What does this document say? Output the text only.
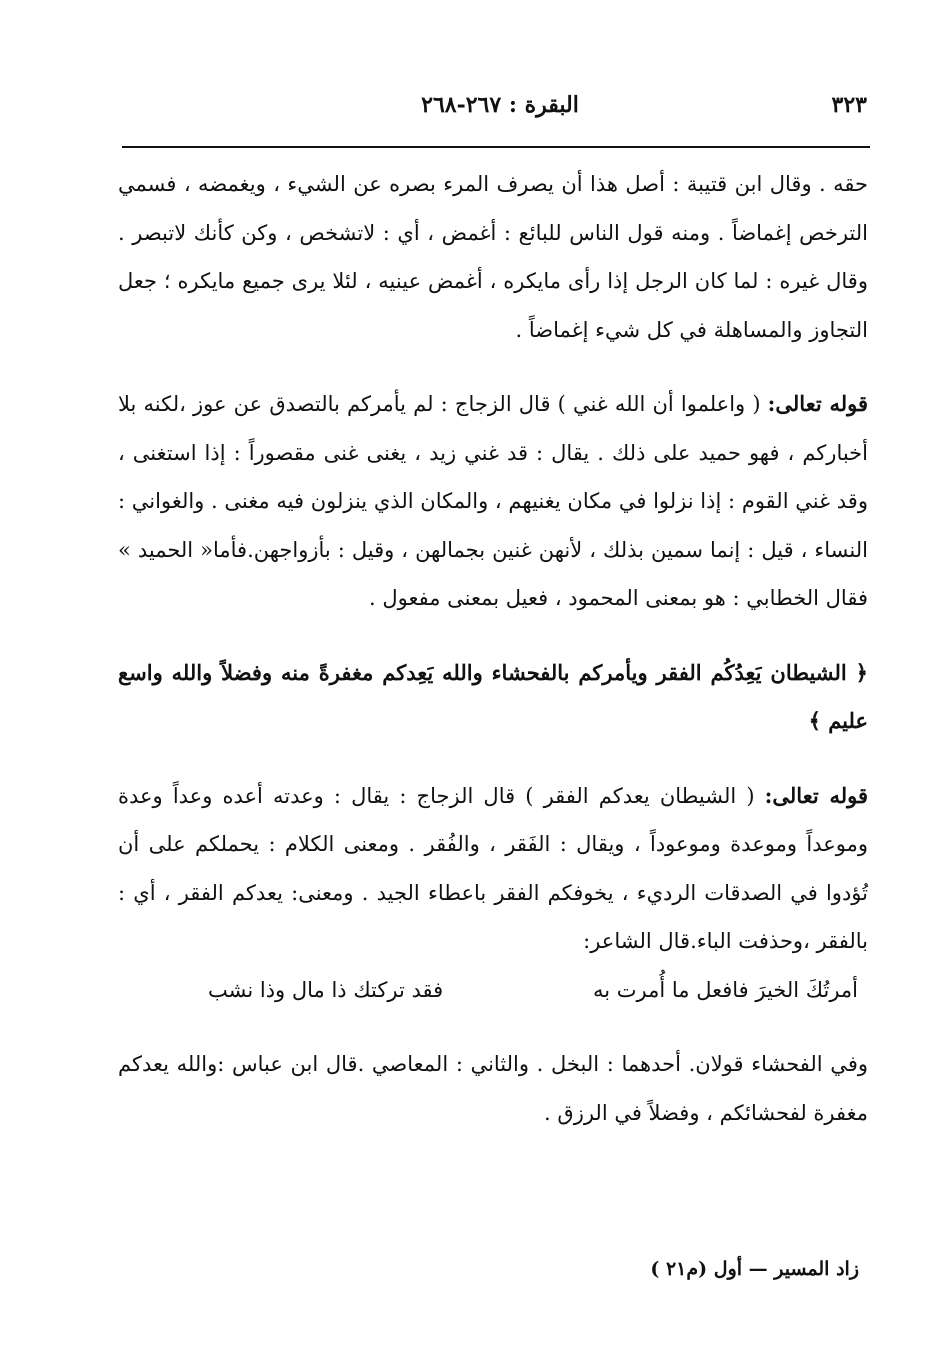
٣٢٣
البقرة : ٢٦٧-٢٦٨

حقه . وقال ابن قتيبة : أصل هذا أن يصرف المرء بصره عن الشيء ، ويغمضه ، فسمي الترخص إغماضاً . ومنه قول الناس للبائع : أغمض ، أي : لاتشخص ، وكن كأنك لاتبصر . وقال غيره : لما كان الرجل إذا رأى مايكره ، أغمض عينيه ، لئلا يرى جميع مايكره ؛ جعل التجاوز والمساهلة في كل شيء إغماضاً .

قوله تعالى: ( واعلموا أن الله غني ) قال الزجاج : لم يأمركم بالتصدق عن عوز ،لكنه بلا أخباركم ، فهو حميد على ذلك . يقال : قد غني زيد ، يغنى غنى مقصوراً : إذا استغنى ، وقد غني القوم : إذا نزلوا في مكان يغنيهم ، والمكان الذي ينزلون فيه مغنى . والغواني : النساء ، قيل : إنما سمين بذلك ، لأنهن غنين بجمالهن ، وقيل : بأزواجهن.فأما« الحميد » فقال الخطابي : هو بمعنى المحمود ، فعيل بمعنى مفعول .

﴿ الشيطان يَعِدُكُم الفقر ويأمركم بالفحشاء والله يَعِدكم مغفرةً منه وفضلاً والله واسع عليم ﴾

قوله تعالى: ( الشيطان يعدكم الفقر ) قال الزجاج : يقال : وعدته أعده وعداً وعدة وموعداً وموعدة وموعوداً ، ويقال : الفَقر ، والفُقر . ومعنى الكلام : يحملكم على أن تُؤدوا في الصدقات الرديء ، يخوفكم الفقر باعطاء الجيد . ومعنى: يعدكم الفقر ، أي : بالفقر ،وحذفت الباء.قال الشاعر:

أمرتُكَ الخيرَ فافعل ما أُمرت به
فقد تركتك ذا مال وذا نشب

وفي الفحشاء قولان. أحدهما : البخل . والثاني : المعاصي .قال ابن عباس :والله يعدكم مغفرة لفحشائكم ، وفضلاً في الرزق .

زاد المسير — أول (م٢١ )
